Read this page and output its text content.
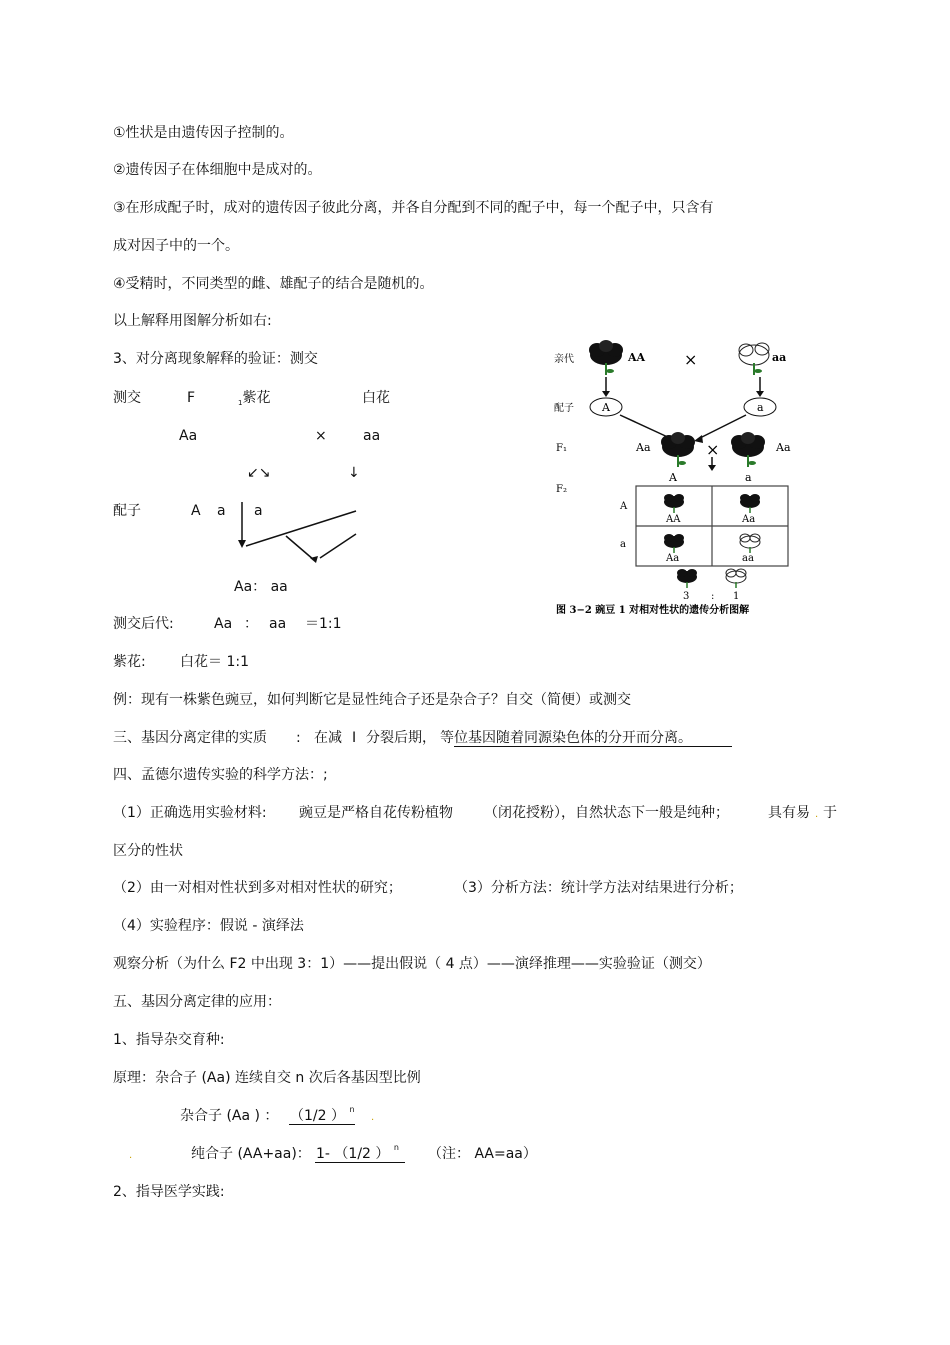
①性状是由遗传因子控制的。
②遗传因子在体细胞中是成对的。
③在形成配子时，成对的遗传因子彼此分离，并各自分配到不同的配子中，每一个配子中，只含有
成对因子中的一个。
④受精时，不同类型的雌、雄配子的结合是随机的。
以上解释用图解分析如右:
3、对分离现象解释的验证：测交
测交	F	$_1$紫花	白花
Aa	×	aa
↙↘	↓
配子	A a a
Aa： aa
测交后代:	Aa ： aa ＝1:1
紫花: 白花＝ 1:1
例：现有一株紫色豌豆，如何判断它是显性纯合子还是杂合子？自交（简便）或测交
三、基因分离定律的实质 : 在减 I 分裂后期， 等位基因随着同源染色体的分开而分离。
四、孟德尔遗传实验的科学方法：;
（1）正确选用实验材料: 豌豆是严格自花传粉植物 （闭花授粉），自然状态下一般是纯种；	具有易 . 于
区分的性状
（2）由一对相对性状到多对相对性状的研究；	（3）分析方法：统计学方法对结果进行分析；
（4）实验程序：假说 - 演绎法
观察分析（为什么 F2 中出现 3：1）——提出假说（ 4 点）——演绎推理——实验验证（测交）
五、基因分离定律的应用：
1、指导杂交育种:
原理：杂合子 (Aa) 连续自交 n 次后各基因型比例
杂合子 (Aa ) ： （1/2 ） $^n$
.
.	纯合子 (AA+aa)： 1- （1/2 ） $^n$ （注： AA=aa）
2、指导医学实践:
亲代	AA ×	aa
配子	A	a
F₁	Aa	×	Aa
F₂
A	a
A
a
AA	Aa
Aa	aa
3 : 1
图 3−2 豌豆 1 对相对性状的遗传分析图解
